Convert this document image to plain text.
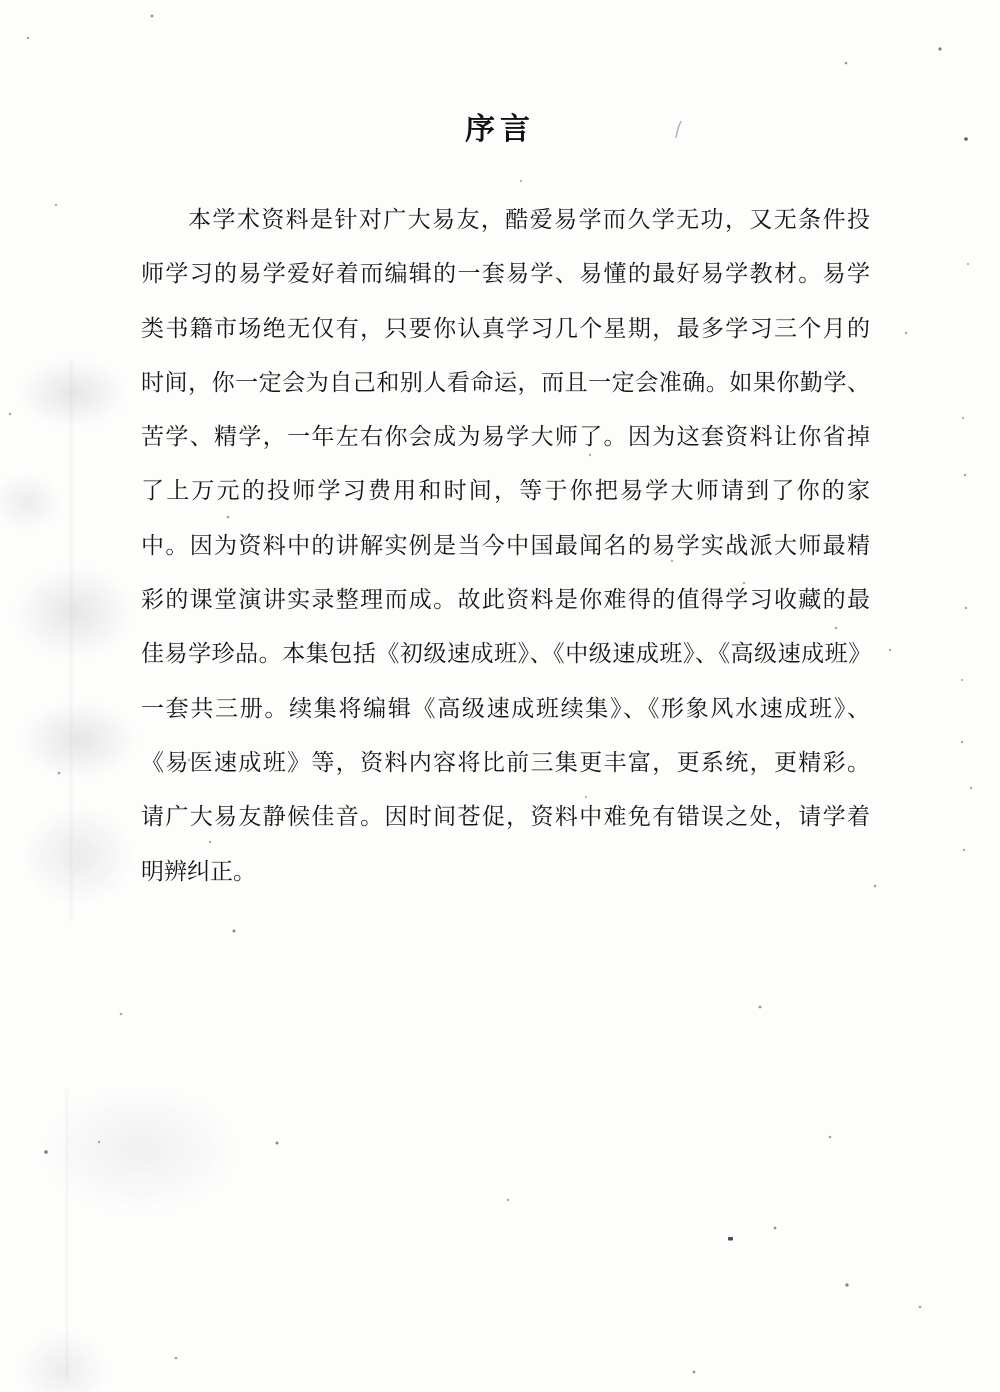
序言
本学术资料是针对广大易友，酷爱易学而久学无功，又无条件投
师学习的易学爱好着而编辑的一套易学、易懂的最好易学教材。易学
类书籍市场绝无仅有，只要你认真学习几个星期，最多学习三个月的
时间，你一定会为自己和别人看命运，而且一定会准确。如果你勤学、
苦学、精学，一年左右你会成为易学大师了。因为这套资料让你省掉
了上万元的投师学习费用和时间，等于你把易学大师请到了你的家
中。因为资料中的讲解实例是当今中国最闻名的易学实战派大师最精
彩的课堂演讲实录整理而成。故此资料是你难得的值得学习收藏的最
佳易学珍品。本集包括《初级速成班》、《中级速成班》、《高级速成班》
一套共三册。续集将编辑《高级速成班续集》、《形象风水速成班》、
《易医速成班》等，资料内容将比前三集更丰富，更系统，更精彩。
请广大易友静候佳音。因时间苍促，资料中难免有错误之处，请学着
明辨纠正。
